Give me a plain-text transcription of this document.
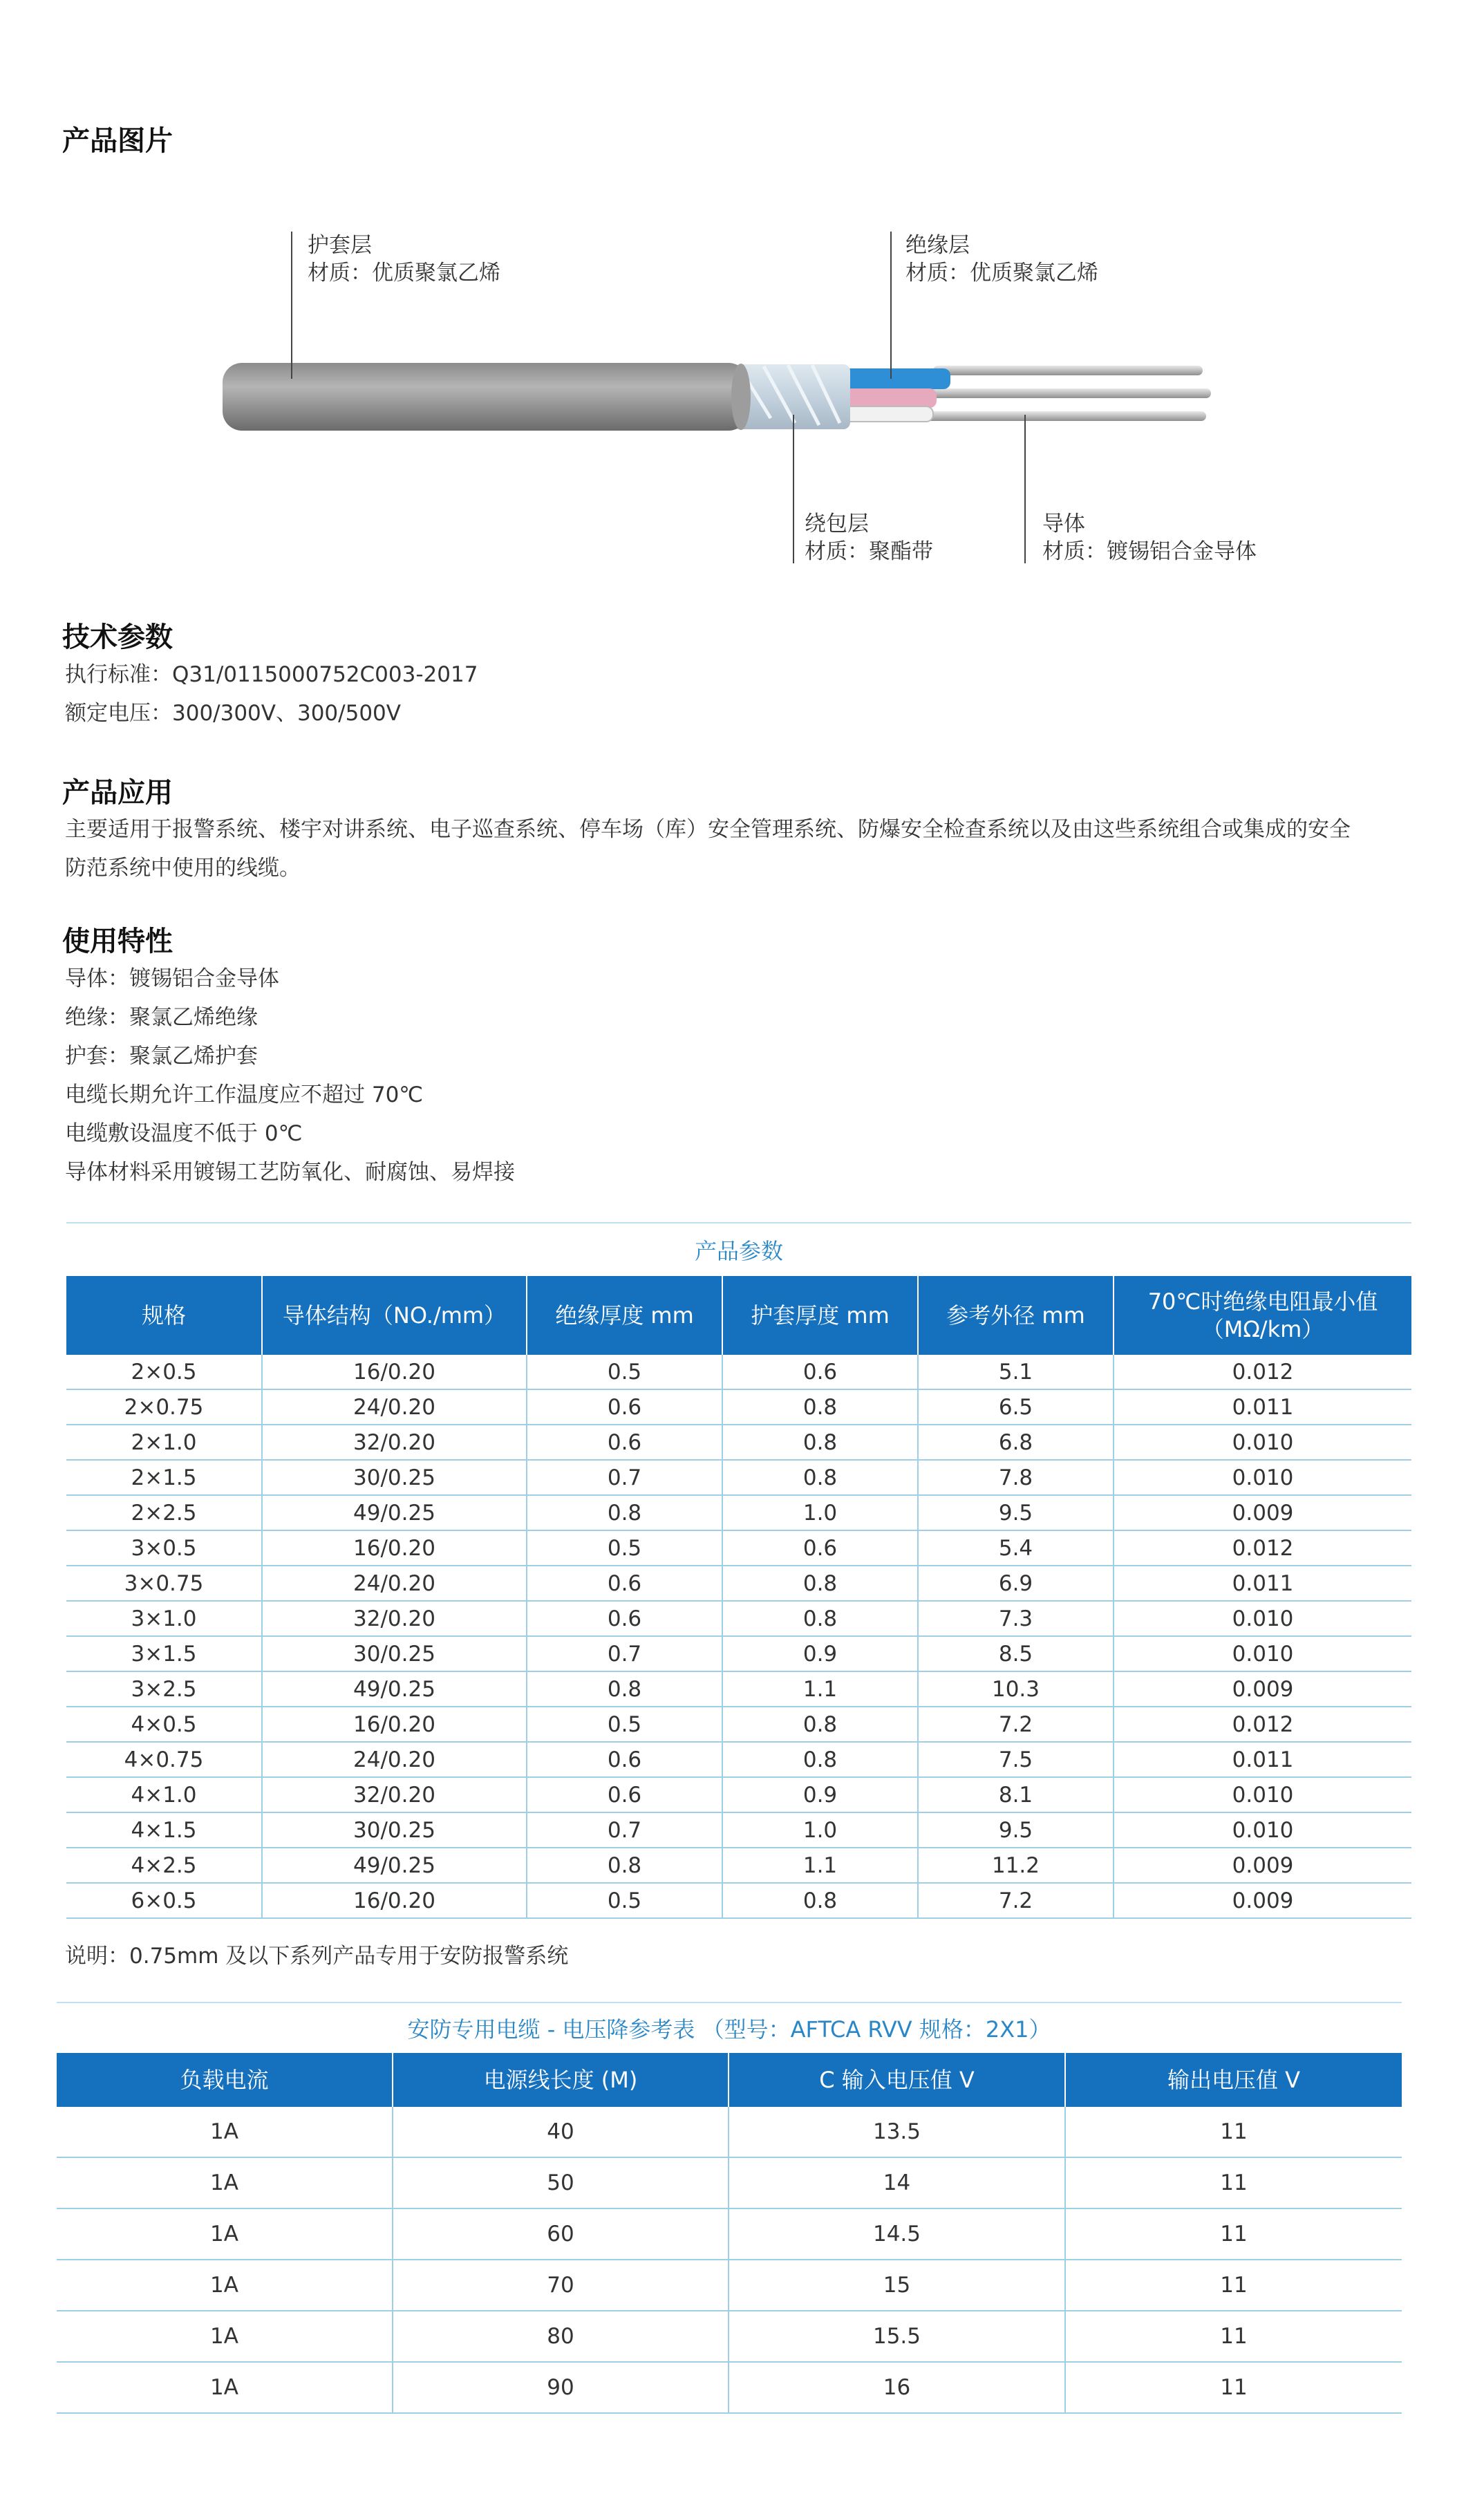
产品图片
护套层
材质：优质聚氯乙烯
绝缘层
材质：优质聚氯乙烯
绕包层
材质：聚酯带
导体
材质：镀锡铝合金导体
技术参数
执行标准：Q31/0115000752C003-2017
额定电压：300/300V、300/500V
产品应用
主要适用于报警系统、楼宇对讲系统、电子巡查系统、停车场（库）安全管理系统、防爆安全检查系统以及由这些系统组合或集成的安全
防范系统中使用的线缆。
使用特性
导体：镀锡铝合金导体
绝缘：聚氯乙烯绝缘
护套：聚氯乙烯护套
电缆长期允许工作温度应不超过 70℃
电缆敷设温度不低于 0℃
导体材料采用镀锡工艺防氧化、耐腐蚀、易焊接
产品参数					
规格	导体结构（NO./mm）	绝缘厚度 mm	护套厚度 mm	参考外径 mm	70℃时绝缘电阻最小值
（MΩ/km）

2×0.5	16/0.20	0.5	0.6	5.1	0.012
2×0.75	24/0.20	0.6	0.8	6.5	0.011
2×1.0	32/0.20	0.6	0.8	6.8	0.010
2×1.5	30/0.25	0.7	0.8	7.8	0.010
2×2.5	49/0.25	0.8	1.0	9.5	0.009
3×0.5	16/0.20	0.5	0.6	5.4	0.012
3×0.75	24/0.20	0.6	0.8	6.9	0.011
3×1.0	32/0.20	0.6	0.8	7.3	0.010
3×1.5	30/0.25	0.7	0.9	8.5	0.010
3×2.5	49/0.25	0.8	1.1	10.3	0.009
4×0.5	16/0.20	0.5	0.8	7.2	0.012
4×0.75	24/0.20	0.6	0.8	7.5	0.011
4×1.0	32/0.20	0.6	0.9	8.1	0.010
4×1.5	30/0.25	0.7	1.0	9.5	0.010
4×2.5	49/0.25	0.8	1.1	11.2	0.009
6×0.5	16/0.20	0.5	0.8	7.2	0.009
说明：0.75mm 及以下系列产品专用于安防报警系统
安防专用电缆 - 电压降参考表 （型号：AFTCA RVV 规格：2X1）			
负载电流	电源线长度 (M)	C 输入电压值 V	输出电压值 V
1A	40	13.5	11
1A	50	14	11
1A	60	14.5	11
1A	70	15	11
1A	80	15.5	11
1A	90	16	11
